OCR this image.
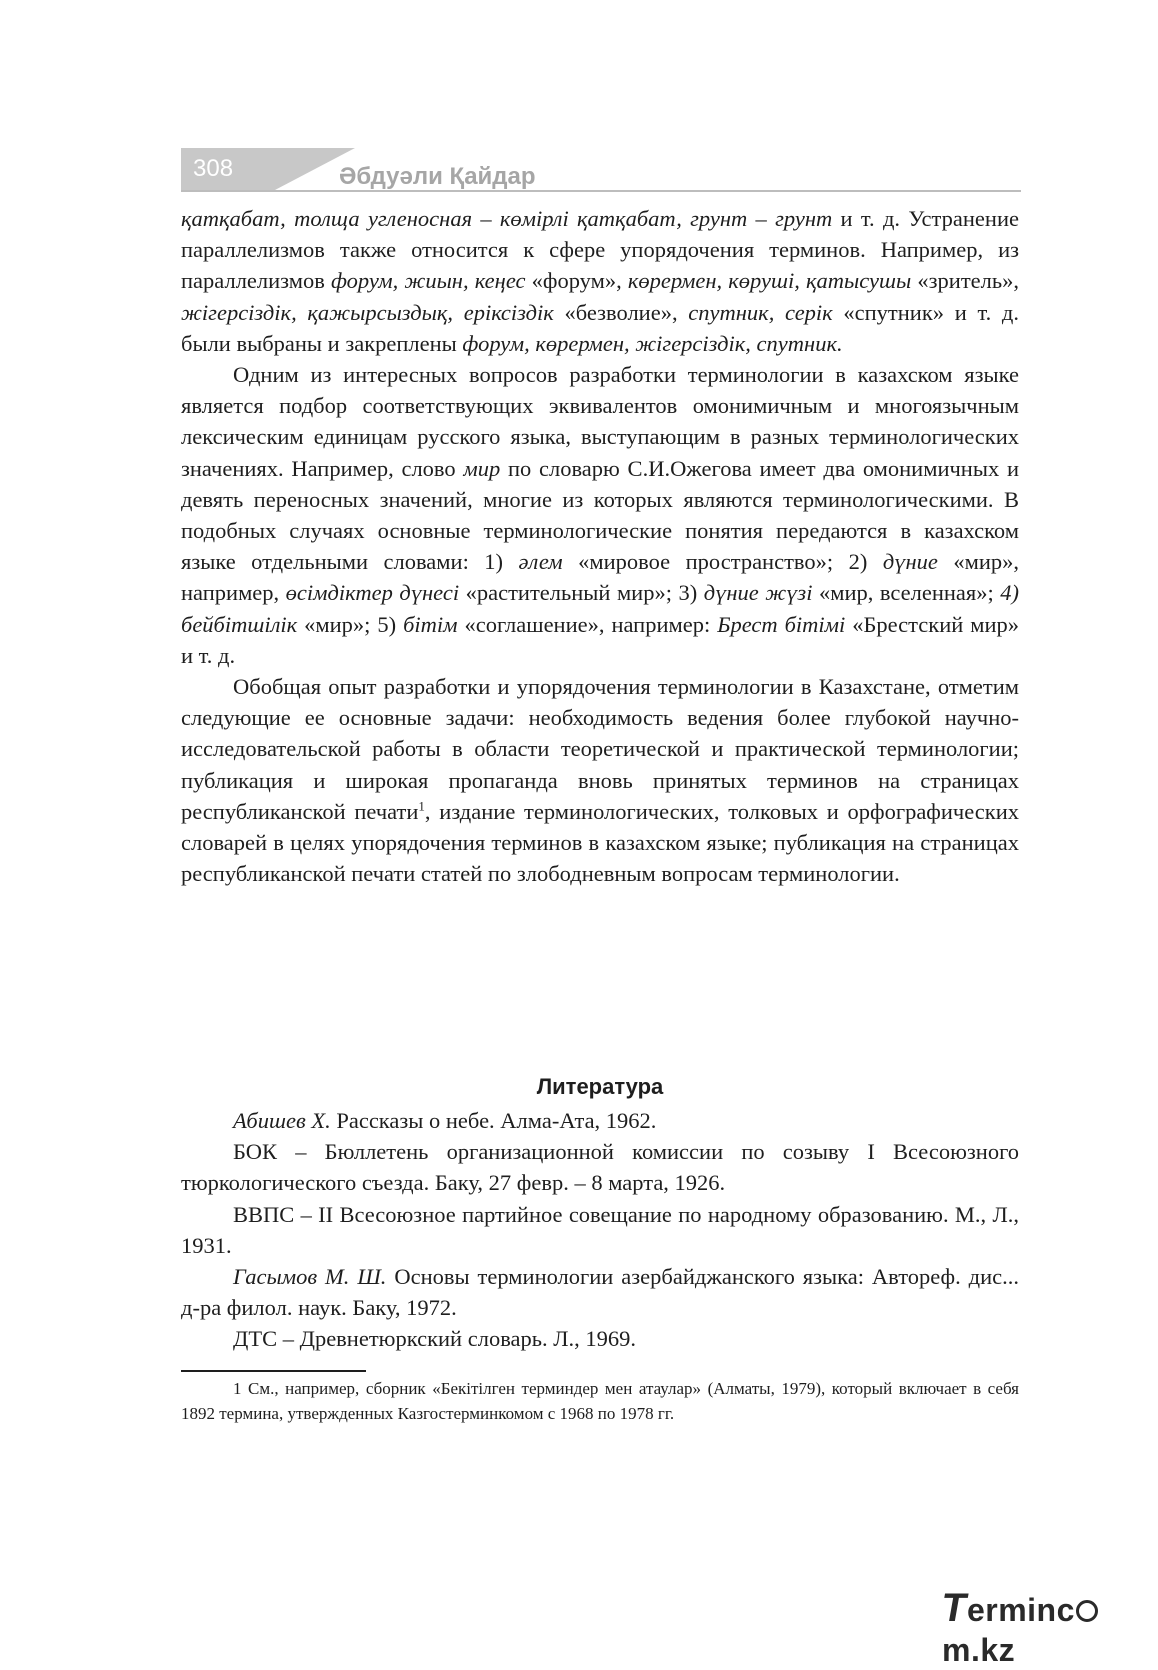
308	Әбдуәли Қайдар

қатқабат, толща угленосная – көмірлі қатқабат, грунт – грунт и т. д. Устранение параллелизмов также относится к сфере упорядочения терминов. Например, из параллелизмов форум, жиын, кеңес «форум», көрермен, көруші, қатысушы «зритель», жігерсіздік, қажырсыздық, еріксіздік «безволие», спутник, серік «спутник» и т. д. были выбраны и закреплены форум, көрермен, жігерсіздік, спутник.

Одним из интересных вопросов разработки терминологии в казахском языке является подбор соответствующих эквивалентов омонимичным и многоязычным лексическим единицам русского языка, выступающим в разных терминологических значениях. Например, слово мир по словарю С.И.Ожегова имеет два омонимичных и девять переносных значений, многие из которых являются терминологическими. В подобных случаях основные терминологические понятия передаются в казахском языке отдельными словами: 1) әлем «мировое пространство»; 2) дүние «мир», например, өсімдіктер дүнесі «растительный мир»; 3) дүние жүзі «мир, вселенная»; 4) бейбітшілік «мир»; 5) бітім «соглашение», например: Брест бітімі «Брестский мир» и т. д.

Обобщая опыт разработки и упорядочения терминологии в Казахстане, отметим следующие ее основные задачи: необходимость ведения более глубокой научно-исследовательской работы в области теоретической и практической терминологии; публикация и широкая пропаганда вновь принятых терминов на страницах республиканской печати$^1$, издание терминологических, толковых и орфографических словарей в целях упорядочения терминов в казахском языке; публикация на страницах республиканской печати статей по злободневным вопросам терминологии.

Литература

Абишев Х. Рассказы о небе. Алма-Ата, 1962.

БОК – Бюллетень организационной комиссии по созыву I Всесоюзного тюркологического съезда. Баку, 27 февр. – 8 марта, 1926.

ВВПС – II Всесоюзное партийное совещание по народному образованию. М., Л., 1931.

Гасымов М. Ш. Основы терминологии азербайджанского языка: Автореф. дис... д-ра филол. наук. Баку, 1972.

ДТС – Древнетюркский словарь. Л., 1969.

1 См., например, сборник «Бекітілген терминдер мен атаулар» (Алматы, 1979), который включает в себя 1892 термина, утвержденных Казгостерминкомом с 1968 по 1978 гг.

Termincm.kz
